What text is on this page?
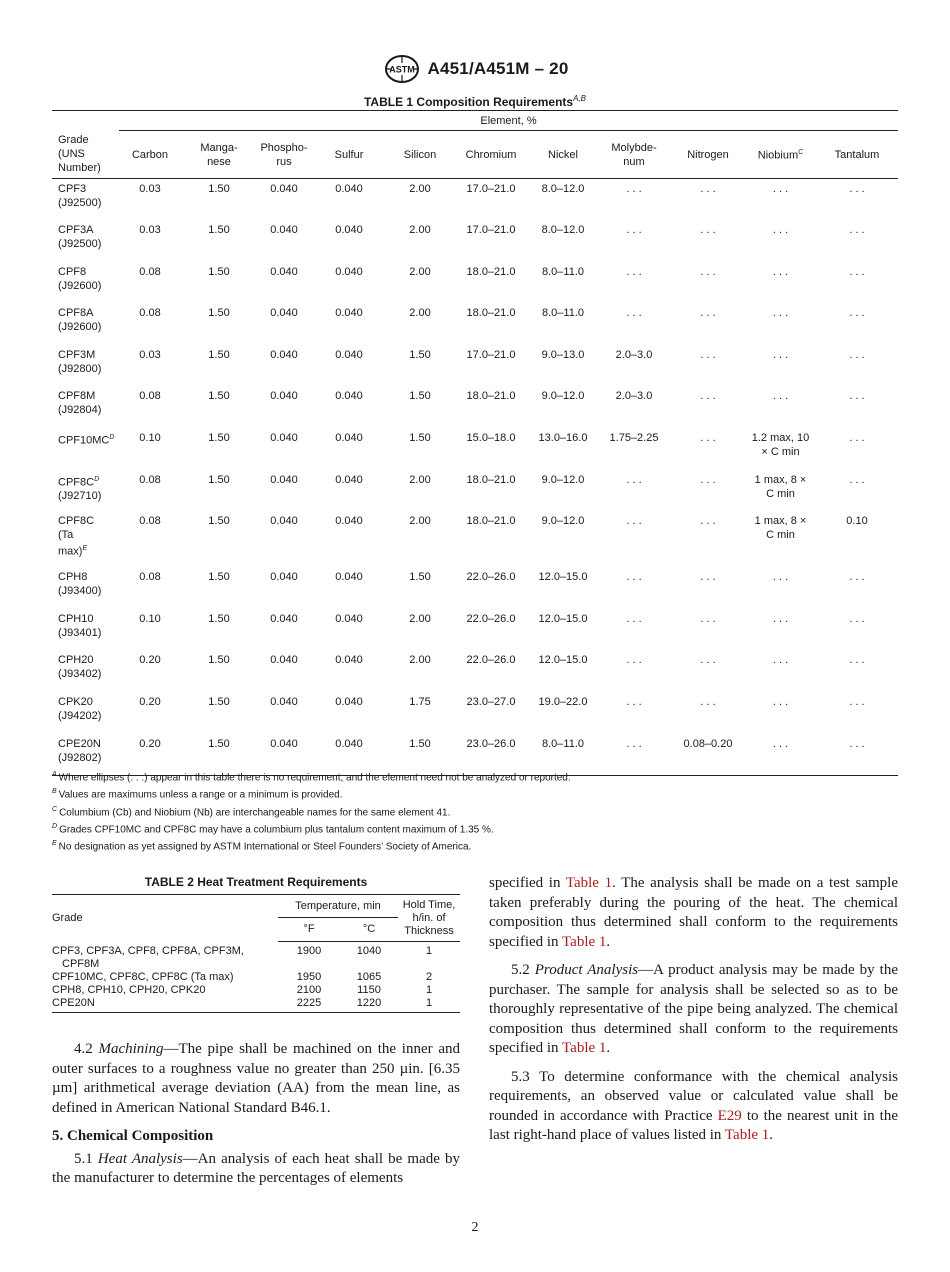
ASTM A451/A451M – 20
TABLE 1 Composition Requirements$^{A,B}$
	Element, %										
Grade
(UNS
Number)	Carbon	Manga-
nese	Phospho-
rus	Sulfur	Silicon	Chromium	Nickel	Molybde-
num	Nitrogen	Niobium$^C$	Tantalum
CPF3
(J92500)	0.03	1.50	0.040	0.040	2.00	17.0–21.0	8.0–12.0	. . .	. . .	. . .	. . .
CPF3A
(J92500)	0.03	1.50	0.040	0.040	2.00	17.0–21.0	8.0–12.0	. . .	. . .	. . .	. . .
CPF8
(J92600)	0.08	1.50	0.040	0.040	2.00	18.0–21.0	8.0–11.0	. . .	. . .	. . .	. . .
CPF8A
(J92600)	0.08	1.50	0.040	0.040	2.00	18.0–21.0	8.0–11.0	. . .	. . .	. . .	. . .
CPF3M
(J92800)	0.03	1.50	0.040	0.040	1.50	17.0–21.0	9.0–13.0	2.0–3.0	. . .	. . .	. . .
CPF8M
(J92804)	0.08	1.50	0.040	0.040	1.50	18.0–21.0	9.0–12.0	2.0–3.0	. . .	. . .	. . .
$CPF10MC^D$	0.10	1.50	0.040	0.040	1.50	15.0–18.0	13.0–16.0	1.75–2.25	. . .	1.2 max, 10
× C min	. . .
$CPF8C^D$
(J92710)	0.08	1.50	0.040	0.040	2.00	18.0–21.0	9.0–12.0	. . .	. . .	1 max, 8 ×
C min	. . .
CPF8C
(Ta
max)$^E$	0.08	1.50	0.040	0.040	2.00	18.0–21.0	9.0–12.0	. . .	. . .	1 max, 8 ×
C min	0.10
CPH8
(J93400)	0.08	1.50	0.040	0.040	1.50	22.0–26.0	12.0–15.0	. . .	. . .	. . .	. . .
CPH10
(J93401)	0.10	1.50	0.040	0.040	2.00	22.0–26.0	12.0–15.0	. . .	. . .	. . .	. . .
CPH20
(J93402)	0.20	1.50	0.040	0.040	2.00	22.0–26.0	12.0–15.0	. . .	. . .	. . .	. . .
CPK20
(J94202)	0.20	1.50	0.040	0.040	1.75	23.0–27.0	19.0–22.0	. . .	. . .	. . .	. . .
CPE20N
(J92802)	0.20	1.50	0.040	0.040	1.50	23.0–26.0	8.0–11.0	. . .	0.08–0.20	. . .	. . .
$^A$ Where ellipses (. . .) appear in this table there is no requirement, and the element need not be analyzed or reported.
$^B$ Values are maximums unless a range or a minimum is provided.
$^C$ Columbium (Cb) and Niobium (Nb) are interchangeable names for the same element 41.
$^D$ Grades CPF10MC and CPF8C may have a columbium plus tantalum content maximum of 1.35 %.
$^E$ No designation as yet assigned by ASTM International or Steel Founders’ Society of America.
TABLE 2 Heat Treatment Requirements
Grade	Temperature, min		Hold Time,
h/in. of
Thickness
	°F	°C	
CPF3, CPF3A, CPF8, CPF8A, CPF3M,
CPF8M	1900	1040	1
CPF10MC, CPF8C, CPF8C (Ta max)	1950	1065	2
CPH8, CPH10, CPH20, CPK20	2100	1150	1
CPE20N	2225	1220	1

4.2 Machining—The pipe shall be machined on the inner and outer surfaces to a roughness value no greater than 250 µin. [6.35 µm] arithmetical average deviation (AA) from the mean line, as defined in American National Standard B46.1.

5. Chemical Composition

5.1 Heat Analysis—An analysis of each heat shall be made by the manufacturer to determine the percentages of elements

specified in Table 1. The analysis shall be made on a test sample taken preferably during the pouring of the heat. The chemical composition thus determined shall conform to the requirements specified in Table 1.

5.2 Product Analysis—A product analysis may be made by the purchaser. The sample for analysis shall be selected so as to be thoroughly representative of the pipe being analyzed. The chemical composition thus determined shall conform to the requirements specified in Table 1.

5.3 To determine conformance with the chemical analysis requirements, an observed value or calculated value shall be rounded in accordance with Practice E29 to the nearest unit in the last right-hand place of values listed in Table 1.

2
